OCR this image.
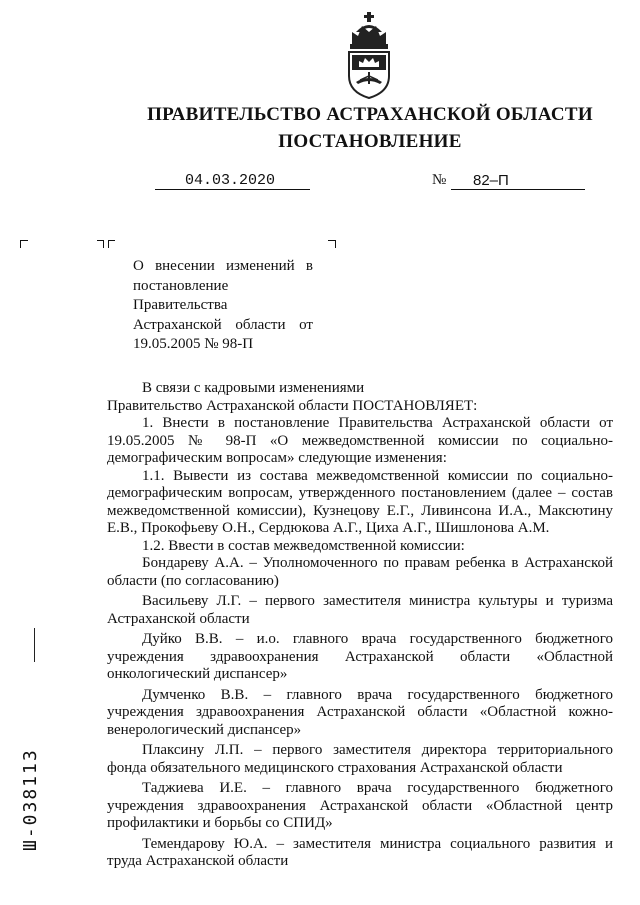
ПРАВИТЕЛЬСТВО АСТРАХАНСКОЙ ОБЛАСТИ
ПОСТАНОВЛЕНИЕ
04.03.2020	№ 82–П
О внесении изменений в постановление Правительства Астраханской области от 19.05.2005 № 98-П

В связи с кадровыми изменениями

Правительство Астраханской области ПОСТАНОВЛЯЕТ:

1. Внести в постановление Правительства Астраханской области от 19.05.2005 № 98-П «О межведомственной комиссии по социально-демографическим вопросам» следующие изменения:

1.1. Вывести из состава межведомственной комиссии по социально-демографическим вопросам, утвержденного постановлением (далее – состав межведомственной комиссии), Кузнецову Е.Г., Ливинсона И.А., Максютину Е.В., Прокофьеву О.Н., Сердюкова А.Г., Циха А.Г., Шишлонова А.М.

1.2. Ввести в состав межведомственной комиссии:

Бондареву А.А. – Уполномоченного по правам ребенка в Астраханской области (по согласованию)

Васильеву Л.Г. – первого заместителя министра культуры и туризма Астраханской области

Дуйко В.В. – и.о. главного врача государственного бюджетного учреждения здравоохранения Астраханской области «Областной онкологический диспансер»

Думченко В.В. – главного врача государственного бюджетного учреждения здравоохранения Астраханской области «Областной кожно-венерологический диспансер»

Плаксину Л.П. – первого заместителя директора территориального фонда обязательного медицинского страхования Астраханской области

Таджиева И.Е. – главного врача государственного бюджетного учреждения здравоохранения Астраханской области «Областной центр профилактики и борьбы со СПИД»

Темендарову Ю.А. – заместителя министра социального развития и труда Астраханской области

Ш-038113
